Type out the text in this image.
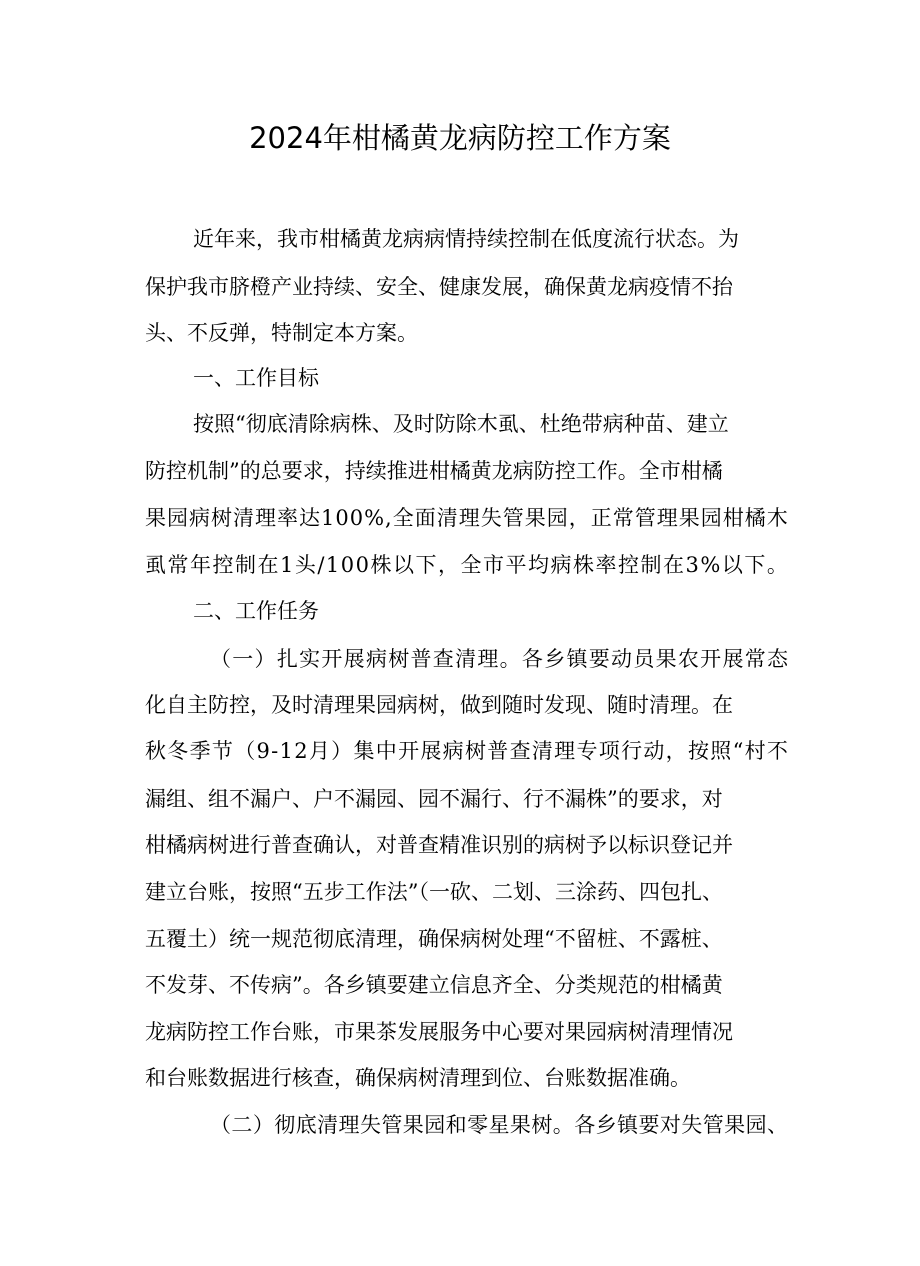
2024年柑橘黄龙病防控工作方案
近年来，我市柑橘黄龙病病情持续控制在低度流行状态。为
保护我市脐橙产业持续、安全、健康发展，确保黄龙病疫情不抬
头、不反弹，特制定本方案。
一、工作目标
按照“彻底清除病株、及时防除木虱、杜绝带病种苗、建立
防控机制”的总要求，持续推进柑橘黄龙病防控工作。全市柑橘
果园病树清理率达100%,全面清理失管果园，正常管理果园柑橘木
虱常年控制在1头/100株以下，全市平均病株率控制在3%以下。
二、工作任务
（一）扎实开展病树普查清理。各乡镇要动员果农开展常态
化自主防控，及时清理果园病树，做到随时发现、随时清理。在
秋冬季节（9-12月）集中开展病树普查清理专项行动，按照“村不
漏组、组不漏户、户不漏园、园不漏行、行不漏株”的要求，对
柑橘病树进行普查确认，对普查精准识别的病树予以标识登记并
建立台账，按照“五步工作法”（一砍、二划、三涂药、四包扎、
五覆土）统一规范彻底清理，确保病树处理“不留桩、不露桩、
不发芽、不传病”。各乡镇要建立信息齐全、分类规范的柑橘黄
龙病防控工作台账，市果茶发展服务中心要对果园病树清理情况
和台账数据进行核查，确保病树清理到位、台账数据准确。
（二）彻底清理失管果园和零星果树。各乡镇要对失管果园、
